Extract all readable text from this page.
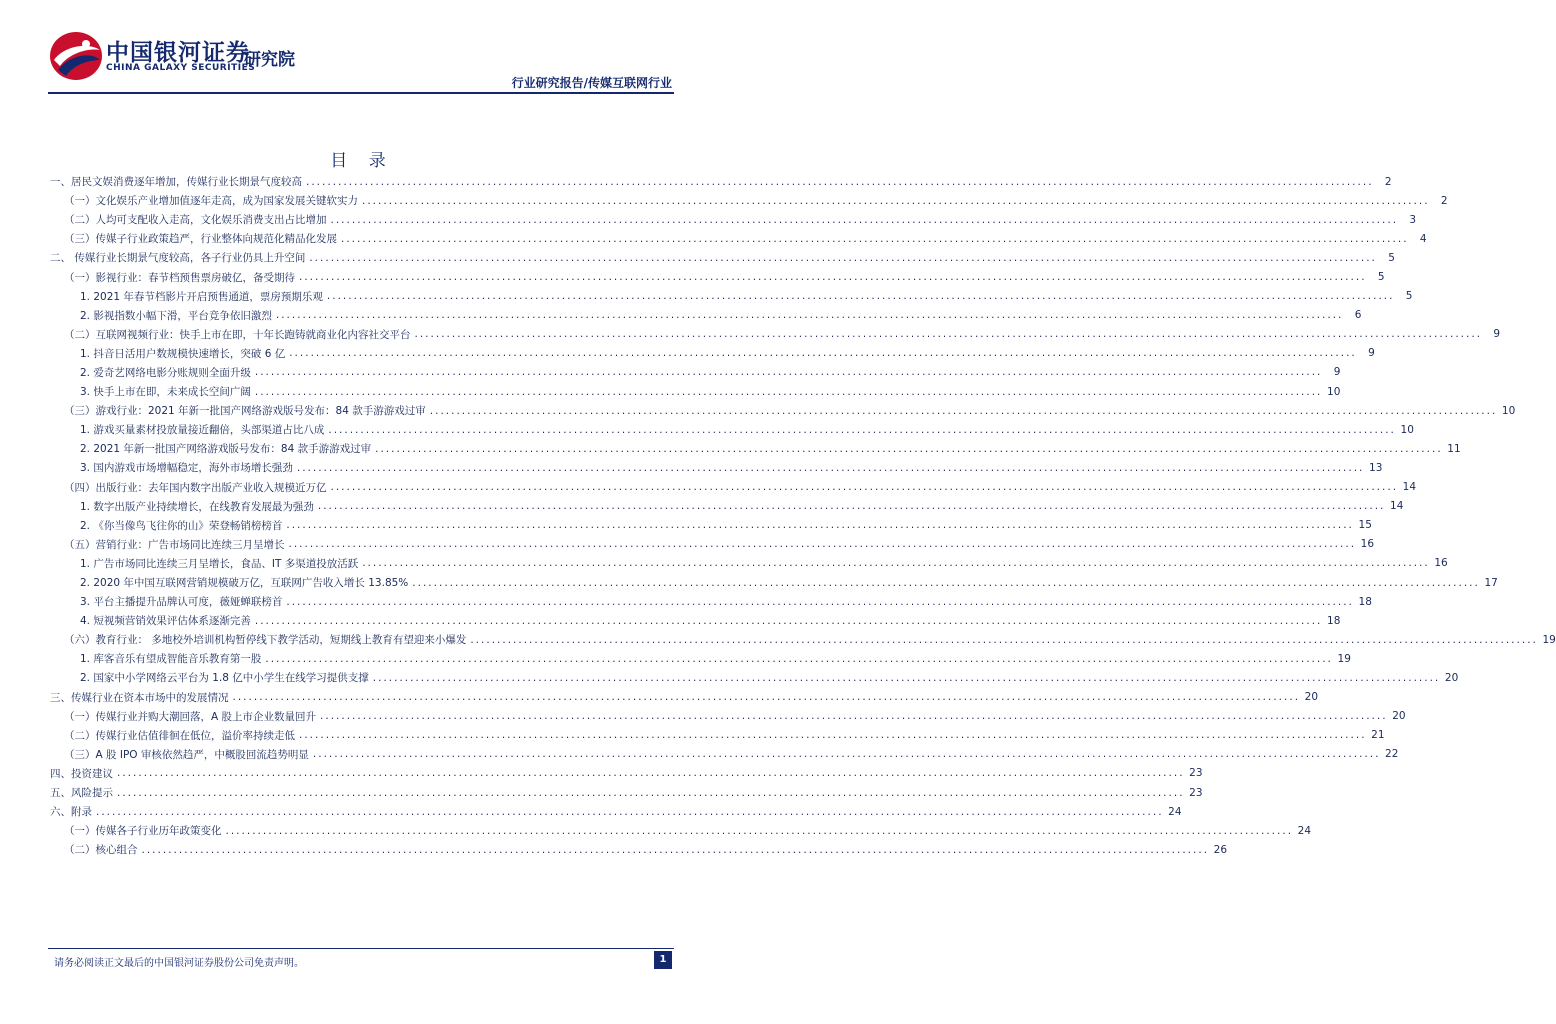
中国银河证券
CHINA GALAXY SECURITIES
研究院
行业研究报告/传媒互联网行业
目 录
一、居民文娱消费逐年增加，传媒行业长期景气度较高 ........................................................................................................................................................................................................	2
（一）文化娱乐产业增加值逐年走高，成为国家发展关键软实力 ........................................................................................................................................................................................................	2
（二）人均可支配收入走高，文化娱乐消费支出占比增加 ........................................................................................................................................................................................................	3
（三）传媒子行业政策趋严，行业整体向规范化精品化发展 ........................................................................................................................................................................................................	4
二、 传媒行业长期景气度较高，各子行业仍具上升空间 ........................................................................................................................................................................................................	5
（一）影视行业：春节档预售票房破亿，备受期待 ........................................................................................................................................................................................................	5
1. 2021 年春节档影片开启预售通道，票房预期乐观 ........................................................................................................................................................................................................	5
2. 影视指数小幅下滑，平台竞争依旧激烈 ........................................................................................................................................................................................................	6
（二）互联网视频行业：快手上市在即，十年长跑铸就商业化内容社交平台 ........................................................................................................................................................................................................	9
1. 抖音日活用户数规模快速增长，突破 6 亿 ........................................................................................................................................................................................................	9
2. 爱奇艺网络电影分账规则全面升级 ........................................................................................................................................................................................................	9
3. 快手上市在即，未来成长空间广阔 ........................................................................................................................................................................................................ 10
（三）游戏行业：2021 年新一批国产网络游戏版号发布：84 款手游游戏过审 ........................................................................................................................................................................................................ 10
1. 游戏买量素材投放量接近翻倍，头部渠道占比八成 ........................................................................................................................................................................................................ 10
2. 2021 年新一批国产网络游戏版号发布：84 款手游游戏过审 ........................................................................................................................................................................................................ 11
3. 国内游戏市场增幅稳定，海外市场增长强劲 ........................................................................................................................................................................................................ 13
（四）出版行业：去年国内数字出版产业收入规模近万亿 ........................................................................................................................................................................................................ 14
1. 数字出版产业持续增长，在线教育发展最为强劲 ........................................................................................................................................................................................................ 14
2. 《你当像鸟飞往你的山》荣登畅销榜榜首 ........................................................................................................................................................................................................ 15
（五）营销行业：广告市场同比连续三月呈增长 ........................................................................................................................................................................................................ 16
1. 广告市场同比连续三月呈增长，食品、IT 多渠道投放活跃 ........................................................................................................................................................................................................ 16
2. 2020 年中国互联网营销规模破万亿，互联网广告收入增长 13.85% ........................................................................................................................................................................................................ 17
3. 平台主播提升品牌认可度，薇娅蝉联榜首 ........................................................................................................................................................................................................ 18
4. 短视频营销效果评估体系逐渐完善 ........................................................................................................................................................................................................ 18
（六）教育行业： 多地校外培训机构暂停线下教学活动，短期线上教育有望迎来小爆发 ........................................................................................................................................................................................................ 19
1. 库客音乐有望成智能音乐教育第一股 ........................................................................................................................................................................................................ 19
2. 国家中小学网络云平台为 1.8 亿中小学生在线学习提供支撑 ........................................................................................................................................................................................................ 20
三、传媒行业在资本市场中的发展情况 ........................................................................................................................................................................................................ 20
（一）传媒行业并购大潮回落，A 股上市企业数量回升 ........................................................................................................................................................................................................ 20
（二）传媒行业估值徘徊在低位，溢价率持续走低 ........................................................................................................................................................................................................ 21
（三）A 股 IPO 审核依然趋严，中概股回流趋势明显 ........................................................................................................................................................................................................ 22
四、投资建议 ........................................................................................................................................................................................................ 23
五、风险提示 ........................................................................................................................................................................................................ 23
六、附录 ........................................................................................................................................................................................................ 24
（一）传媒各子行业历年政策变化 ........................................................................................................................................................................................................ 24
（二）核心组合 ........................................................................................................................................................................................................ 26
请务必阅读正文最后的中国银河证券股份公司免责声明。	1
